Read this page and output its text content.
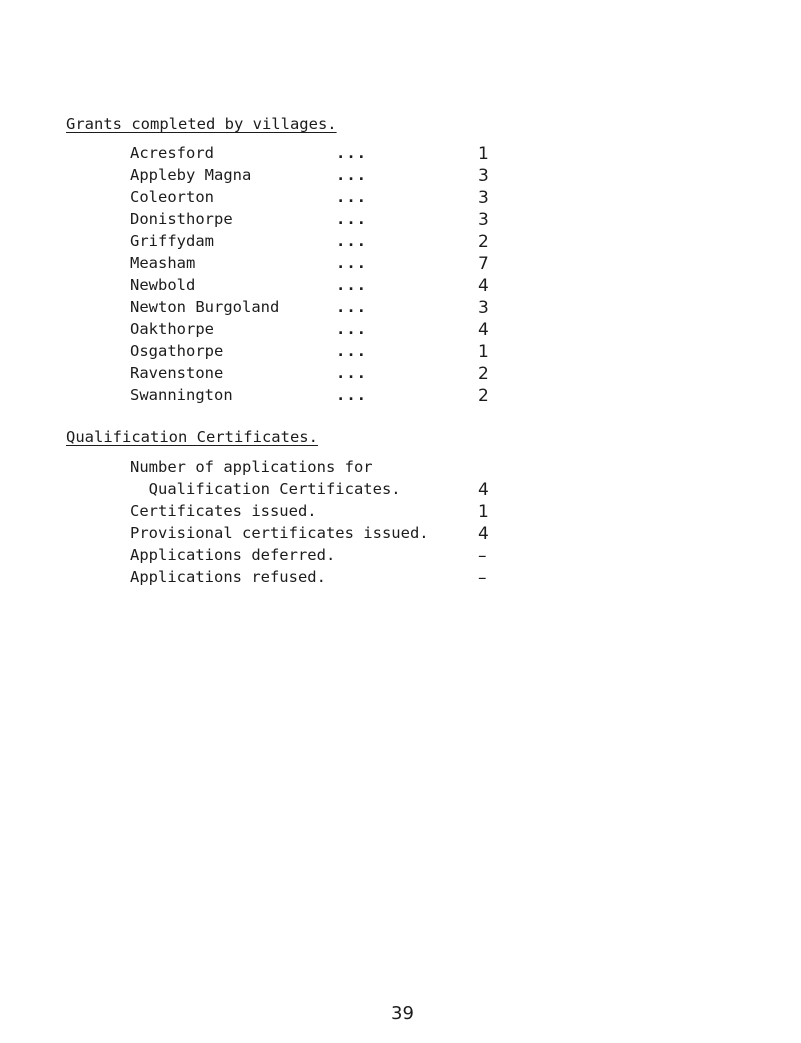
Grants completed by villages.
Acresford	...	1
Appleby Magna	...	3
Coleorton	...	3
Donisthorpe	...	3
Griffydam	...	2
Measham	...	7
Newbold	...	4
Newton Burgoland	...	3
Oakthorpe	...	4
Osgathorpe	...	1
Ravenstone	...	2
Swannington	...	2
Qualification Certificates.
Number of applications for
Qualification Certificates.	4
Certificates issued.	1
Provisional certificates issued.	4
Applications deferred.	–
Applications refused.	–
39
